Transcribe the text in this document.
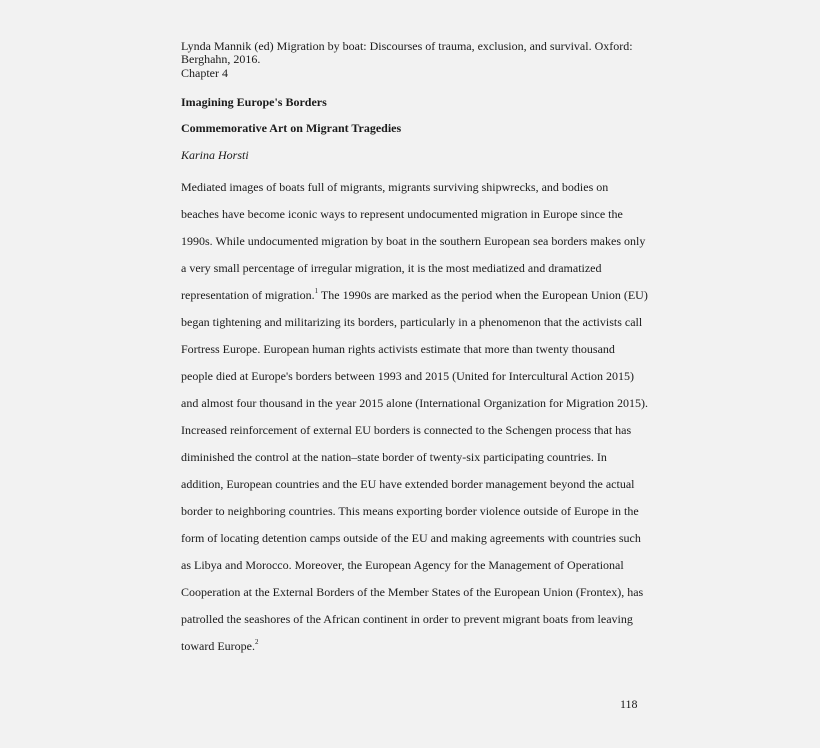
Lynda Mannik (ed) Migration by boat: Discourses of trauma, exclusion, and survival. Oxford: Berghahn, 2016.
Chapter 4
Imagining Europe's Borders
Commemorative Art on Migrant Tragedies
Karina Horsti
Mediated images of boats full of migrants, migrants surviving shipwrecks, and bodies on
beaches have become iconic ways to represent undocumented migration in Europe since the
1990s. While undocumented migration by boat in the southern European sea borders makes only
a very small percentage of irregular migration, it is the most mediatized and dramatized
representation of migration.$^1$ The 1990s are marked as the period when the European Union (EU)
began tightening and militarizing its borders, particularly in a phenomenon that the activists call
Fortress Europe. European human rights activists estimate that more than twenty thousand
people died at Europe's borders between 1993 and 2015 (United for Intercultural Action 2015)
and almost four thousand in the year 2015 alone (International Organization for Migration 2015).
Increased reinforcement of external EU borders is connected to the Schengen process that has
diminished the control at the nation–state border of twenty-six participating countries. In
addition, European countries and the EU have extended border management beyond the actual
border to neighboring countries. This means exporting border violence outside of Europe in the
form of locating detention camps outside of the EU and making agreements with countries such
as Libya and Morocco. Moreover, the European Agency for the Management of Operational
Cooperation at the External Borders of the Member States of the European Union (Frontex), has
patrolled the seashores of the African continent in order to prevent migrant boats from leaving
toward Europe.$^2$
118
